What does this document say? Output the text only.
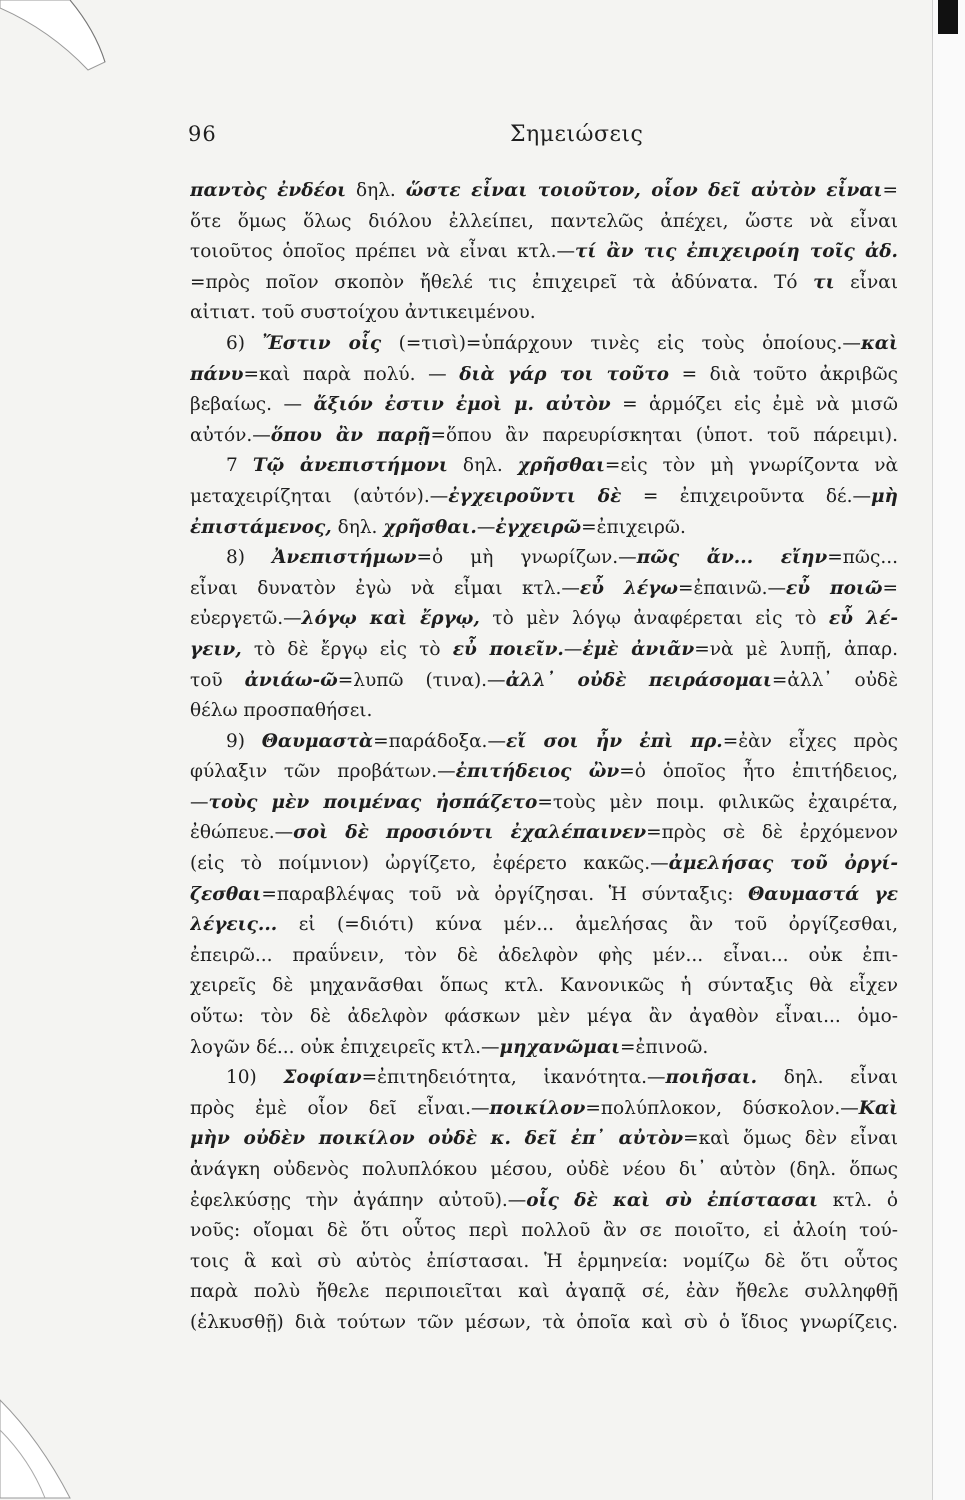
96	Σημειώσεις
παντὸς ἐνδέοι δηλ. ὥστε εἶναι τοιοῦτον, οἷον δεῖ αὐτὸν εἶναι=
ὅτε ὅμως ὅλως διόλου ἐλλείπει, παντελῶς ἀπέχει, ὥστε νὰ εἶναι
τοιοῦτος ὁποῖος πρέπει νὰ εἶναι κτλ.—τί ἂν τις ἐπιχειροίη τοῖς ἀδ.
=πρὸς ποῖον σκοπὸν ἤθελέ τις ἐπιχειρεῖ τὰ ἀδύνατα. Τό τι εἶναι
αἰτιατ. τοῦ συστοίχου ἀντικειμένου.
6) Ἔστιν οἷς (=τισὶ)=ὑπάρχουν τινὲς εἰς τοὺς ὁποίους.—καὶ
πάνυ=καὶ παρὰ πολύ. — διὰ γάρ τοι τοῦτο = διὰ τοῦτο ἀκριβῶς
βεβαίως. — ἄξιόν ἐστιν ἐμοὶ μ. αὐτὸν = ἁρμόζει εἰς ἐμὲ νὰ μισῶ
αὐτόν.—ὅπου ἂν παρῇ=ὅπου ἂν παρευρίσκηται (ὑποτ. τοῦ πάρειμι).
7 Τῷ ἀνεπιστήμονι δηλ. χρῆσθαι=εἰς τὸν μὴ γνωρίζοντα νὰ
μεταχειρίζηται (αὐτόν).—ἐγχειροῦντι δὲ = ἐπιχειροῦντα δέ.—μὴ
ἐπιστάμενος, δηλ. χρῆσθαι.—ἐγχειρῶ=ἐπιχειρῶ.
8) Ἀνεπιστήμων=ὁ μὴ γνωρίζων.—πῶς ἄν... εἴην=πῶς...
εἶναι δυνατὸν ἐγὼ νὰ εἶμαι κτλ.—εὖ λέγω=ἐπαινῶ.—εὖ ποιῶ=
εὐεργετῶ.—λόγῳ καὶ ἔργῳ, τὸ μὲν λόγῳ ἀναφέρεται εἰς τὸ εὖ λέ-
γειν, τὸ δὲ ἔργῳ εἰς τὸ εὖ ποιεῖν.—ἐμὲ ἀνιᾶν=νὰ μὲ λυπῇ, ἀπαρ.
τοῦ ἀνιάω-ῶ=λυπῶ (τινα).—ἀλλ᾽ οὐδὲ πειράσομαι=ἀλλ᾽ οὐδὲ
θέλω προσπαθήσει.
9) Θαυμαστὰ=παράδοξα.—εἴ σοι ἦν ἐπὶ πρ.=ἐὰν εἶχες πρὸς
φύλαξιν τῶν προβάτων.—ἐπιτήδειος ὢν=ὁ ὁποῖος ἦτο ἐπιτήδειος,
—τοὺς μὲν ποιμένας ἠσπάζετο=τοὺς μὲν ποιμ. φιλικῶς ἐχαιρέτα,
ἐθώπευε.—σοὶ δὲ προσιόντι ἐχαλέπαινεν=πρὸς σὲ δὲ ἐρχόμενον
(εἰς τὸ ποίμνιον) ὠργίζετο, ἐφέρετο κακῶς.—ἀμελήσας τοῦ ὀργί-
ζεσθαι=παραβλέψας τοῦ νὰ ὀργίζησαι. Ἡ σύνταξις: Θαυμαστά γε
λέγεις... εἰ (=διότι) κύνα μέν... ἀμελήσας ἂν τοῦ ὀργίζεσθαι,
ἐπειρῶ... πραΰνειν, τὸν δὲ ἀδελφὸν φὴς μέν... εἶναι... οὐκ ἐπι-
χειρεῖς δὲ μηχανᾶσθαι ὅπως κτλ. Κανονικῶς ἡ σύνταξις θὰ εἶχεν
οὕτω: τὸν δὲ ἀδελφὸν φάσκων μὲν μέγα ἂν ἀγαθὸν εἶναι... ὁμο-
λογῶν δέ... οὐκ ἐπιχειρεῖς κτλ.—μηχανῶμαι=ἐπινοῶ.
10) Σοφίαν=ἐπιτηδειότητα, ἱκανότητα.—ποιῆσαι. δηλ. εἶναι
πρὸς ἐμὲ οἷον δεῖ εἶναι.—ποικίλον=πολύπλοκον, δύσκολον.—Καὶ
μὴν οὐδὲν ποικίλον οὐδὲ κ. δεῖ ἐπ᾽ αὐτὸν=καὶ ὅμως δὲν εἶναι
ἀνάγκη οὐδενὸς πολυπλόκου μέσου, οὐδὲ νέου δι᾽ αὐτὸν (δηλ. ὅπως
ἐφελκύσῃς τὴν ἀγάπην αὐτοῦ).—οἷς δὲ καὶ σὺ ἐπίστασαι κτλ. ὁ
νοῦς: οἴομαι δὲ ὅτι οὗτος περὶ πολλοῦ ἂν σε ποιοῖτο, εἰ ἀλοίη τού-
τοις ἃ καὶ σὺ αὐτὸς ἐπίστασαι. Ἡ ἑρμηνεία: νομίζω δὲ ὅτι οὗτος
παρὰ πολὺ ἤθελε περιποιεῖται καὶ ἀγαπᾷ σέ, ἐὰν ἤθελε συλληφθῇ
(ἑλκυσθῇ) διὰ τούτων τῶν μέσων, τὰ ὁποῖα καὶ σὺ ὁ ἴδιος γνωρίζεις.
